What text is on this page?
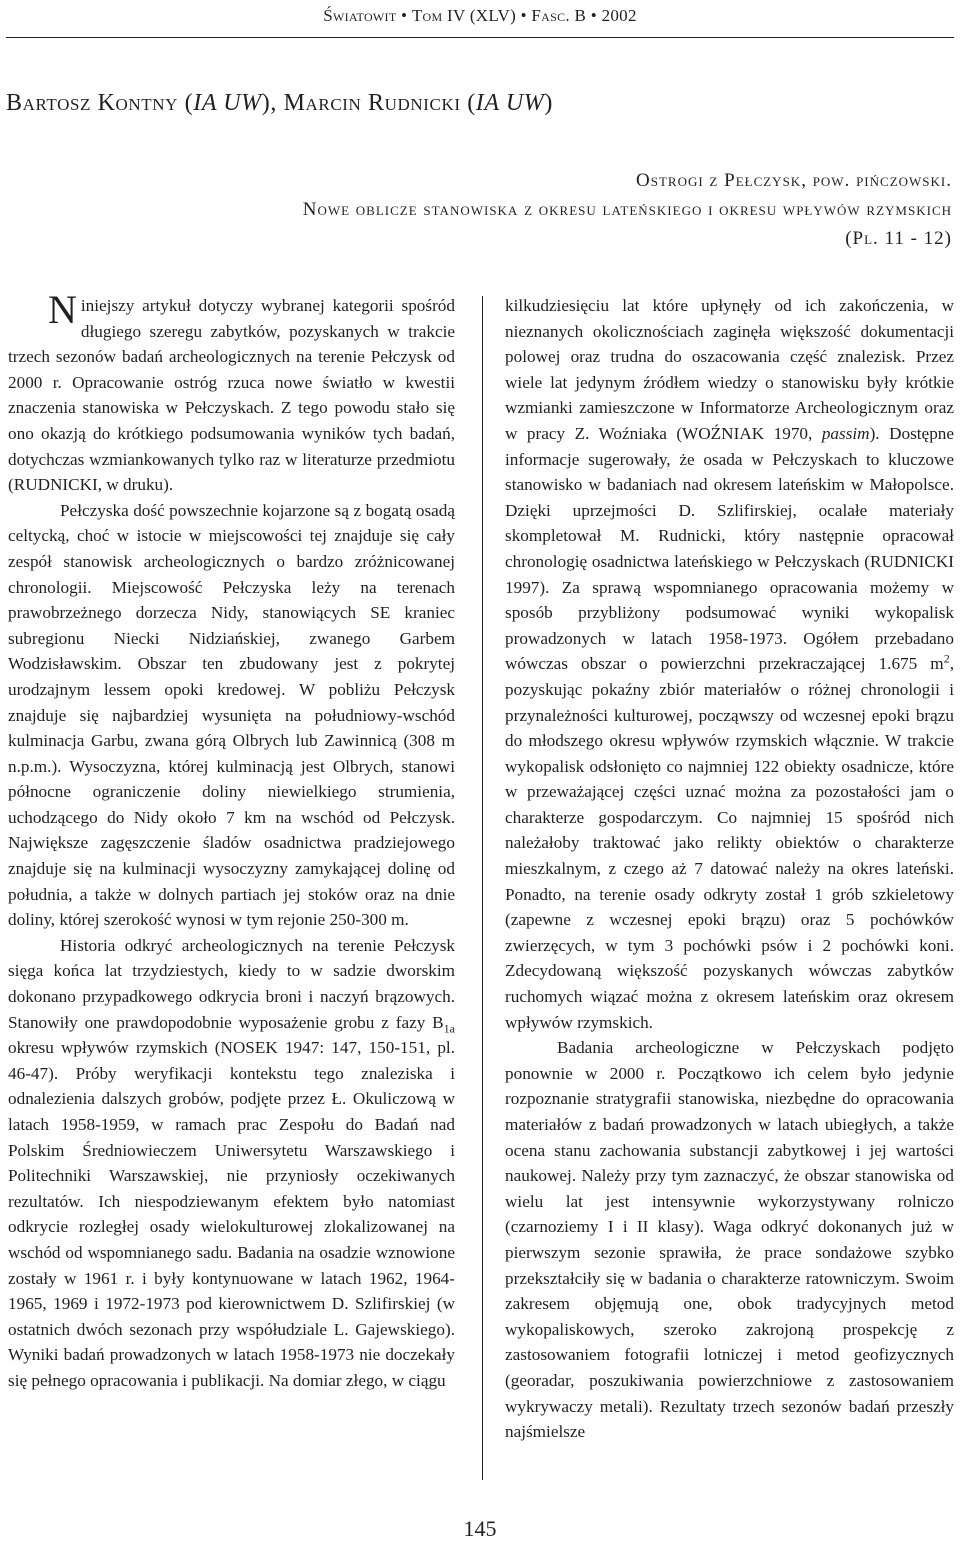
Światowit • Tom IV (XLV) • Fasc. B • 2002
Bartosz Kontny (IA UW), Marcin Rudnicki (IA UW)
Ostrogi z Pełczysk, pow. pińczowski.
Nowe oblicze stanowiska z okresu lateńskiego i okresu wpływów rzymskich
(Pl. 11 - 12)

Niniejszy artykuł dotyczy wybranej kategorii spośród długiego szeregu zabytków, pozyskanych w trakcie trzech sezonów badań archeologicznych na terenie Pełczysk od 2000 r. Opracowanie ostróg rzuca nowe światło w kwestii znaczenia stanowiska w Pełczyskach. Z tego powodu stało się ono okazją do krótkiego podsumowania wyników tych badań, dotychczas wzmiankowanych tylko raz w literaturze przedmiotu (RUDNICKI, w druku).

Pełczyska dość powszechnie kojarzone są z bogatą osadą celtycką, choć w istocie w miejscowości tej znajduje się cały zespół stanowisk archeologicznych o bardzo zróżnicowanej chronologii. Miejscowość Pełczyska leży na terenach prawobrzeżnego dorzecza Nidy, stanowiących SE kraniec subregionu Niecki Nidziańskiej, zwanego Garbem Wodzisławskim. Obszar ten zbudowany jest z pokrytej urodzajnym lessem opoki kredowej. W pobliżu Pełczysk znajduje się najbardziej wysunięta na południowy-wschód kulminacja Garbu, zwana górą Olbrych lub Zawinnicą (308 m n.p.m.). Wysoczyzna, której kulminacją jest Olbrych, stanowi północne ograniczenie doliny niewielkiego strumienia, uchodzącego do Nidy około 7 km na wschód od Pełczysk. Największe zagęszczenie śladów osadnictwa pradziejowego znajduje się na kulminacji wysoczyzny zamykającej dolinę od południa, a także w dolnych partiach jej stoków oraz na dnie doliny, której szerokość wynosi w tym rejonie 250-300 m.

Historia odkryć archeologicznych na terenie Pełczysk sięga końca lat trzydziestych, kiedy to w sadzie dworskim dokonano przypadkowego odkrycia broni i naczyń brązowych. Stanowiły one prawdopodobnie wyposażenie grobu z fazy $B_{1a}$ okresu wpływów rzymskich (NOSEK 1947: 147, 150-151, pl. 46-47). Próby weryfikacji kontekstu tego znaleziska i odnalezienia dalszych grobów, podjęte przez Ł. Okuliczową w latach 1958-1959, w ramach prac Zespołu do Badań nad Polskim Średniowieczem Uniwersytetu Warszawskiego i Politechniki Warszawskiej, nie przyniosły oczekiwanych rezultatów. Ich niespodziewanym efektem było natomiast odkrycie rozległej osady wielokulturowej zlokalizowanej na wschód od wspomnianego sadu. Badania na osadzie wznowione zostały w 1961 r. i były kontynuowane w latach 1962, 1964-1965, 1969 i 1972-1973 pod kierownictwem D. Szlifirskiej (w ostatnich dwóch sezonach przy współudziale L. Gajewskiego). Wyniki badań prowadzonych w latach 1958-1973 nie doczekały się pełnego opracowania i publikacji. Na domiar złego, w ciągu

kilkudziesięciu lat które upłynęły od ich zakończenia, w nieznanych okolicznościach zaginęła większość dokumentacji polowej oraz trudna do oszacowania część znalezisk. Przez wiele lat jedynym źródłem wiedzy o stanowisku były krótkie wzmianki zamieszczone w Informatorze Archeologicznym oraz w pracy Z. Woźniaka (WOŹNIAK 1970, passim). Dostępne informacje sugerowały, że osada w Pełczyskach to kluczowe stanowisko w badaniach nad okresem lateńskim w Małopolsce. Dzięki uprzejmości D. Szlifirskiej, ocalałe materiały skompletował M. Rudnicki, który następnie opracował chronologię osadnictwa lateńskiego w Pełczyskach (RUDNICKI 1997). Za sprawą wspomnianego opracowania możemy w sposób przybliżony podsumować wyniki wykopalisk prowadzonych w latach 1958-1973. Ogółem przebadano wówczas obszar o powierzchni przekraczającej 1.675 $m^2$, pozyskując pokaźny zbiór materiałów o różnej chronologii i przynależności kulturowej, począwszy od wczesnej epoki brązu do młodszego okresu wpływów rzymskich włącznie. W trakcie wykopalisk odsłonięto co najmniej 122 obiekty osadnicze, które w przeważającej części uznać można za pozostałości jam o charakterze gospodarczym. Co najmniej 15 spośród nich należałoby traktować jako relikty obiektów o charakterze mieszkalnym, z czego aż 7 datować należy na okres lateński. Ponadto, na terenie osady odkryty został 1 grób szkieletowy (zapewne z wczesnej epoki brązu) oraz 5 pochówków zwierzęcych, w tym 3 pochówki psów i 2 pochówki koni. Zdecydowaną większość pozyskanych wówczas zabytków ruchomych wiązać można z okresem lateńskim oraz okresem wpływów rzymskich.

Badania archeologiczne w Pełczyskach podjęto ponownie w 2000 r. Początkowo ich celem było jedynie rozpoznanie stratygrafii stanowiska, niezbędne do opracowania materiałów z badań prowadzonych w latach ubiegłych, a także ocena stanu zachowania substancji zabytkowej i jej wartości naukowej. Należy przy tym zaznaczyć, że obszar stanowiska od wielu lat jest intensywnie wykorzystywany rolniczo (czarnoziemy I i II klasy). Waga odkryć dokonanych już w pierwszym sezonie sprawiła, że prace sondażowe szybko przekształciły się w badania o charakterze ratowniczym. Swoim zakresem objęmują one, obok tradycyjnych metod wykopaliskowych, szeroko zakrojoną prospekcję z zastosowaniem fotografii lotniczej i metod geofizycznych (georadar, poszukiwania powierzchniowe z zastosowaniem wykrywaczy metali). Rezultaty trzech sezonów badań przeszły najśmielsze

145
